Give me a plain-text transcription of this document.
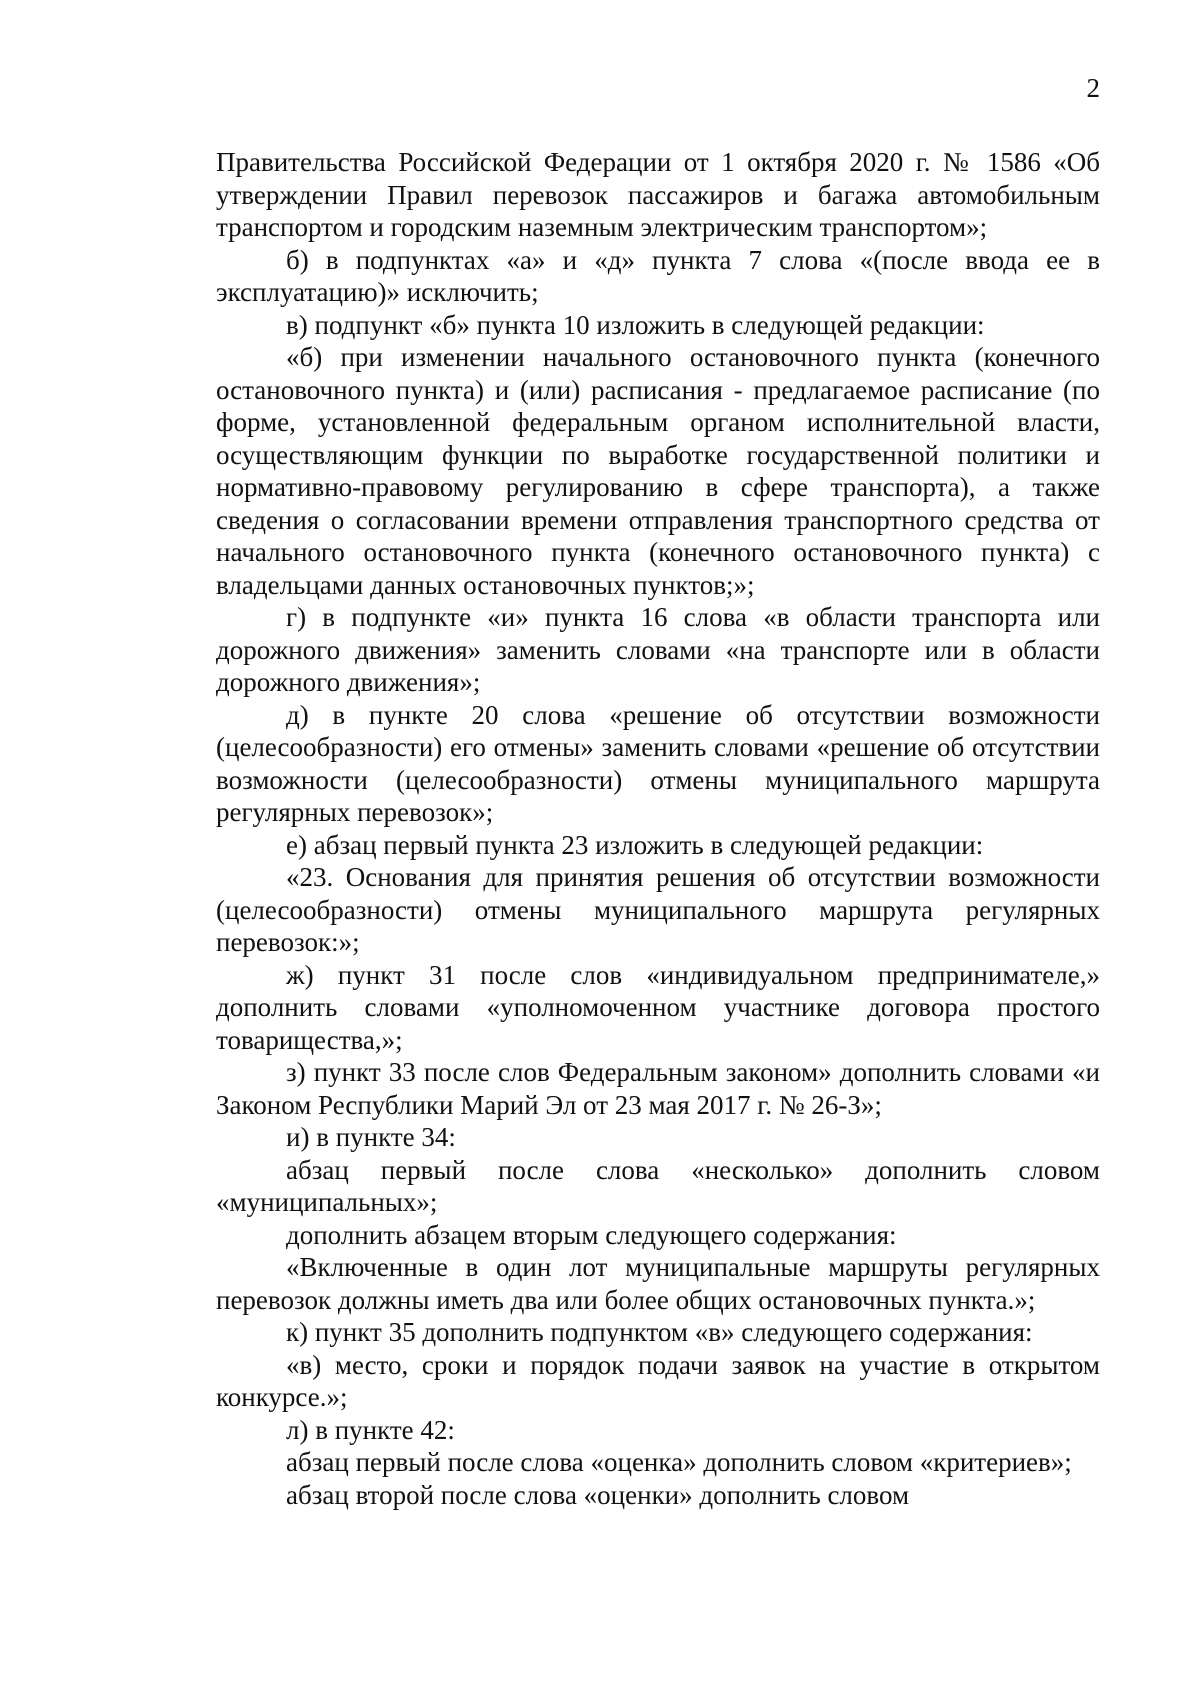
2

Правительства Российской Федерации от 1 октября 2020 г. № 1586 «Об утверждении Правил перевозок пассажиров и багажа автомобильным транспортом и городским наземным электрическим транспортом»;

б) в подпунктах «а» и «д» пункта 7 слова «(после ввода ее в эксплуатацию)» исключить;

в) подпункт «б» пункта 10 изложить в следующей редакции:

«б) при изменении начального остановочного пункта (конечного остановочного пункта) и (или) расписания - предлагаемое расписание (по форме, установленной федеральным органом исполнительной власти, осуществляющим функции по выработке государственной политики и нормативно-правовому регулированию в сфере транспорта), а также сведения о согласовании времени отправления транспортного средства от начального остановочного пункта (конечного остановочного пункта) с владельцами данных остановочных пунктов;»;

г) в подпункте «и» пункта 16 слова «в области транспорта или дорожного движения» заменить словами «на транспорте или в области дорожного движения»;

д) в пункте 20 слова «решение об отсутствии возможности (целесообразности) его отмены» заменить словами «решение об отсутствии возможности (целесообразности) отмены муниципального маршрута регулярных перевозок»;

е) абзац первый пункта 23 изложить в следующей редакции:

«23. Основания для принятия решения об отсутствии возможности (целесообразности) отмены муниципального маршрута регулярных перевозок:»;

ж) пункт 31 после слов «индивидуальном предпринимателе,» дополнить словами «уполномоченном участнике договора простого товарищества,»;

з) пункт 33 после слов Федеральным законом» дополнить словами «и Законом Республики Марий Эл от 23 мая 2017 г. № 26-З»;

и) в пункте 34:

абзац первый после слова «несколько» дополнить словом «муниципальных»;

дополнить абзацем вторым следующего содержания:

«Включенные в один лот муниципальные маршруты регулярных перевозок должны иметь два или более общих остановочных пункта.»;

к) пункт 35 дополнить подпунктом «в» следующего содержания:

«в) место, сроки и порядок подачи заявок на участие в открытом конкурсе.»;

л) в пункте 42:

абзац первый после слова «оценка» дополнить словом «критериев»;

абзац второй после слова «оценки» дополнить словом
